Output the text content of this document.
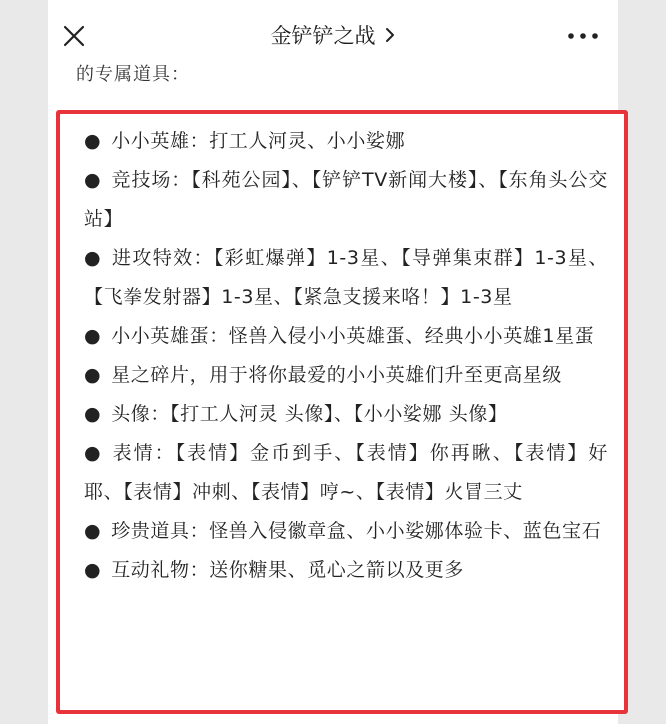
金铲铲之战
的专属道具：
● 小小英雄：打工人河灵、小小娑娜
● 竞技场：【科苑公园】、【铲铲TV新闻大楼】、【东角头公交站】
● 进攻特效：【彩虹爆弹】1-3星、【导弹集束群】1-3星、【飞拳发射器】1-3星、【紧急支援来咯！】1-3星
● 小小英雄蛋：怪兽入侵小小英雄蛋、经典小小英雄1星蛋
● 星之碎片，用于将你最爱的小小英雄们升至更高星级
● 头像：【打工人河灵 头像】、【小小娑娜 头像】
● 表情：【表情】金币到手、【表情】你再瞅、【表情】好耶、【表情】冲刺、【表情】哼~、【表情】火冒三丈
● 珍贵道具：怪兽入侵徽章盒、小小娑娜体验卡、蓝色宝石
● 互动礼物：送你糖果、觅心之箭以及更多
